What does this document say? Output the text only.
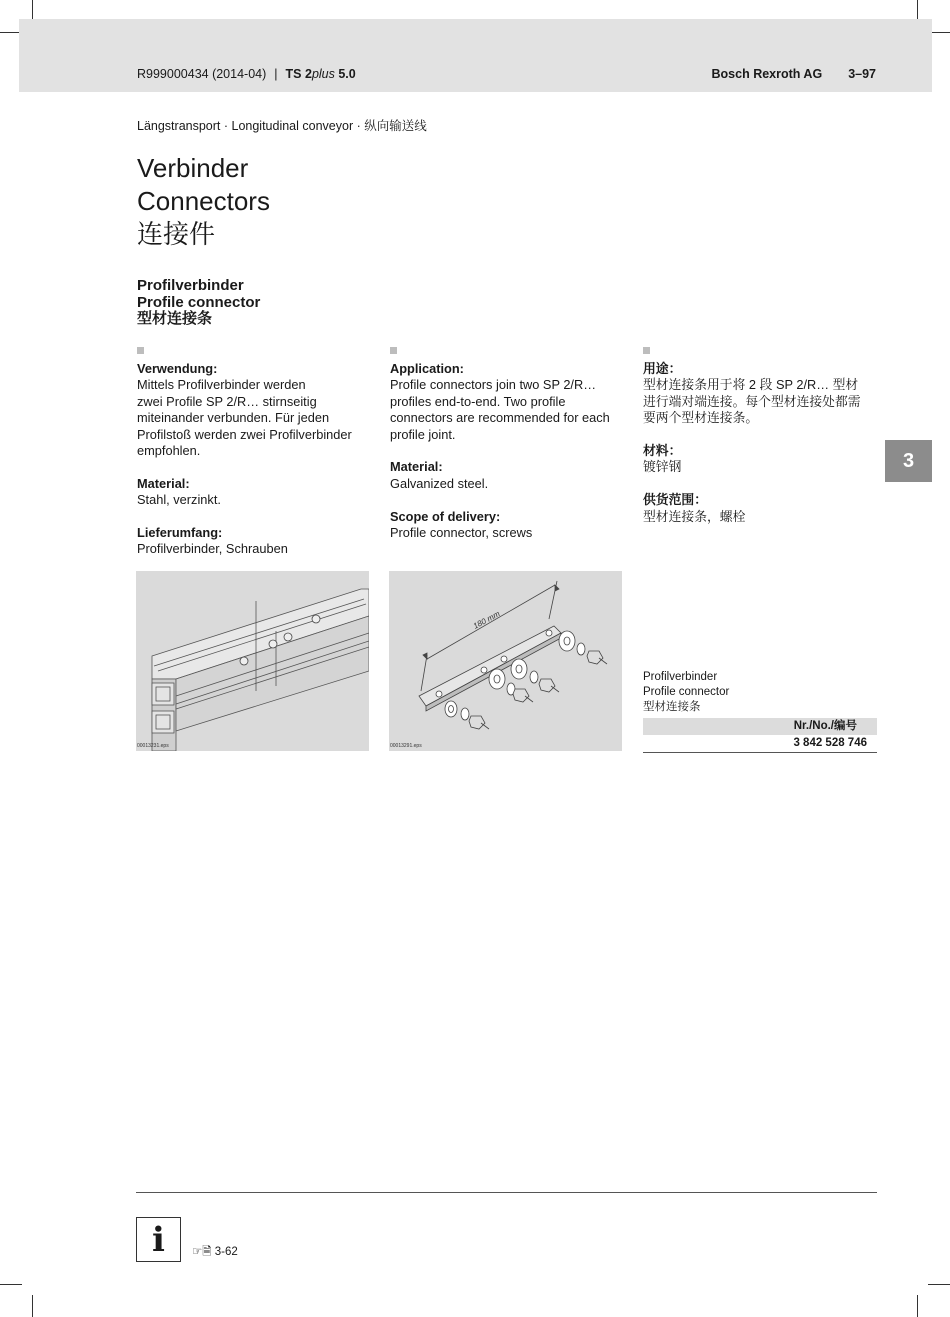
R999000434 (2014-04) | TS 2plus 5.0	Bosch Rexroth AG 3–97
Längstransport · Longitudinal conveyor · 纵向输送线
Verbinder
Connectors
连接件
Profilverbinder
Profile connector
型材连接条
Verwendung:

Mittels Profilverbinder werden
zwei Profile SP 2/R… stirnseitig
miteinander verbunden. Für jeden
Profilstoß werden zwei Profilverbinder
empfohlen.

Material:

Stahl, verzinkt.

Lieferumfang:

Profilverbinder, Schrauben

Application:

Profile connectors join two SP 2/R…
profiles end-to-end. Two profile
connectors are recommended for each
profile joint.

Material:

Galvanized steel.

Scope of delivery:

Profile connector, screws

用途：

型材连接条用于将 2 段 SP 2/R… 型材
进行端对端连接。每个型材连接处都需
要两个型材连接条。

材料：

镀锌钢

供货范围：

型材连接条，螺栓

3
00013231.eps
180 mm
00013291.eps
Profilverbinder
Profile connector
型材连接条
Nr./No./编号
3 842 528 746
i	☞🗎 3-62
